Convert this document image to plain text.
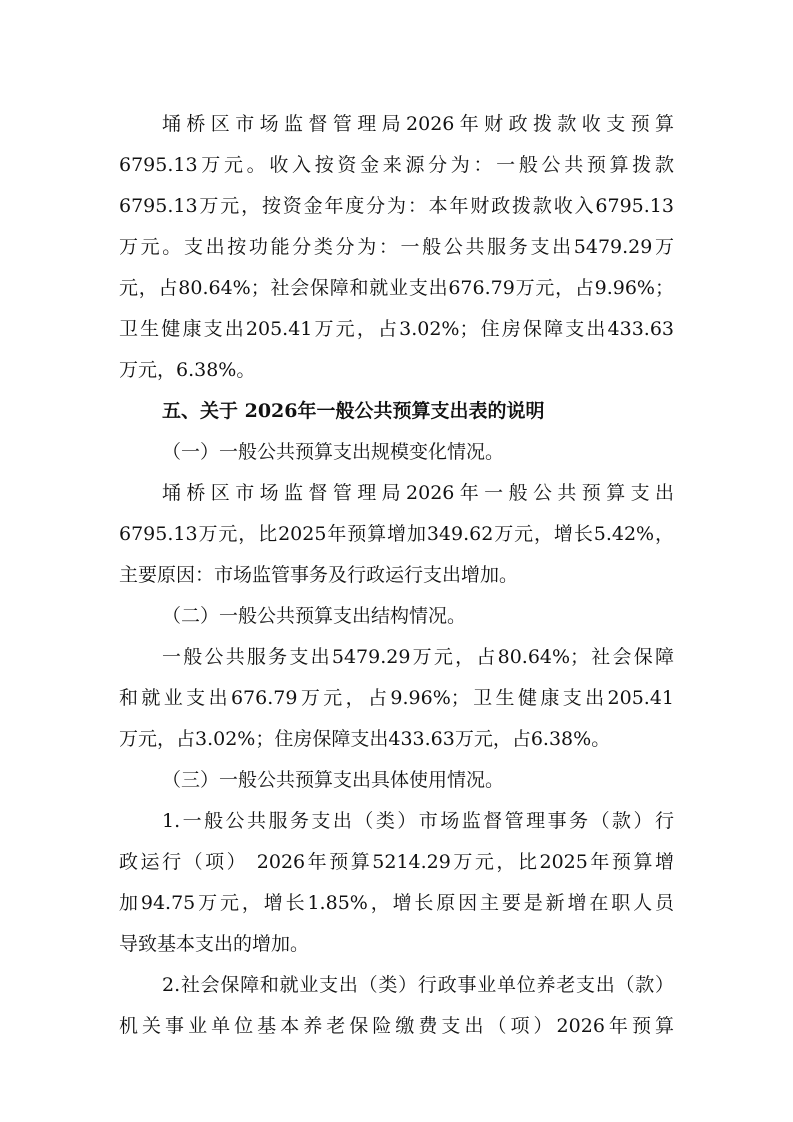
埇桥区市场监督管理局2026年财政拨款收支预算
6795.13万元。收入按资金来源分为：一般公共预算拨款
6795.13万元，按资金年度分为：本年财政拨款收入6795.13
万元。支出按功能分类分为：一般公共服务支出5479.29万
元，占80.64%；社会保障和就业支出676.79万元，占9.96%；
卫生健康支出205.41万元，占3.02%；住房保障支出433.63
万元，6.38%。
五、关于 2026年一般公共预算支出表的说明
（一）一般公共预算支出规模变化情况。
埇桥区市场监督管理局2026年一般公共预算支出
6795.13万元，比2025年预算增加349.62万元，增长5.42%，
主要原因：市场监管事务及行政运行支出增加。
（二）一般公共预算支出结构情况。
一般公共服务支出5479.29万元，占80.64%；社会保障
和就业支出676.79万元，占9.96%；卫生健康支出205.41
万元，占3.02%；住房保障支出433.63万元，占6.38%。
（三）一般公共预算支出具体使用情况。
1.一般公共服务支出（类）市场监督管理事务（款）行
政运行（项） 2026年预算5214.29万元，比2025年预算增
加94.75万元，增长1.85%，增长原因主要是新增在职人员
导致基本支出的增加。
2.社会保障和就业支出（类）行政事业单位养老支出（款）
机关事业单位基本养老保险缴费支出（项）2026年预算
